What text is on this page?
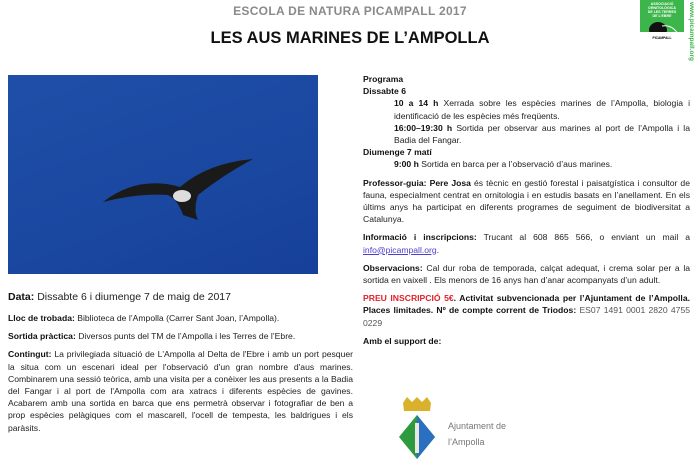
ESCOLA DE NATURA PICAMPALL 2017
LES AUS MARINES DE L’AMPOLLA
ASSOCIACIÓ
ORNITOLÒGICA
DE LES TERRES
DE L'EBRE
PICAMPALL	www.picampall.org

Data: Dissabte 6 i diumenge 7 de maig de 2017

Lloc de trobada: Biblioteca de l’Ampolla (Carrer Sant Joan, l’Ampolla).

Sortida pràctica: Diversos punts del TM de l’Ampolla i les Terres de l’Ebre.

Contingut: La privilegiada situació de L'Ampolla al Delta de l'Ebre i amb un port pesquer la situa com un escenari ideal per l'observació d'un gran nombre d'aus marines. Combinarem una sessió teòrica, amb una visita per a conèixer les aus presents a la Badia del Fangar i al port de l'Ampolla com ara xatracs i diferents espècies de gavines. Acabarem amb una sortida en barca que ens permetrà observar i fotografiar de ben a prop espècies pelàgiques com el mascarell, l'ocell de tempesta, les baldrigues i els paràsits.

Programa
Dissabte 6
10 a 14 h Xerrada sobre les espècies marines de l’Ampolla, biologia i identificació de les espècies més freqüents.
16:00–19:30 h Sortida per observar aus marines al port de l’Ampolla i la Badia del Fangar.
Diumenge 7 matí

9:00 h Sortida en barca per a l’observació d’aus marines.

Professor-guia: Pere Josa és tècnic en gestió forestal i paisatgística i consultor de fauna, especialment centrat en ornitologia i en estudis basats en l’anellament. En els últims anys ha participat en diferents programes de seguiment de biodiversitat a Catalunya.

Informació i inscripcions: Trucant al 608 865 566, o enviant un mail a info@picampall.org.

Observacions: Cal dur roba de temporada, calçat adequat, i crema solar per a la sortida en vaixell . Els menors de 16 anys han d’anar acompanyats d’un adult.

PREU INSCRIPCIÓ 5€. Activitat subvencionada per l’Ajuntament de l’Ampolla. Places limitades. Nº de compte corrent de Triodos: ES07 1491 0001 2820 4755 0229

Amb el support de:

Ajuntament de
l’Ampolla
